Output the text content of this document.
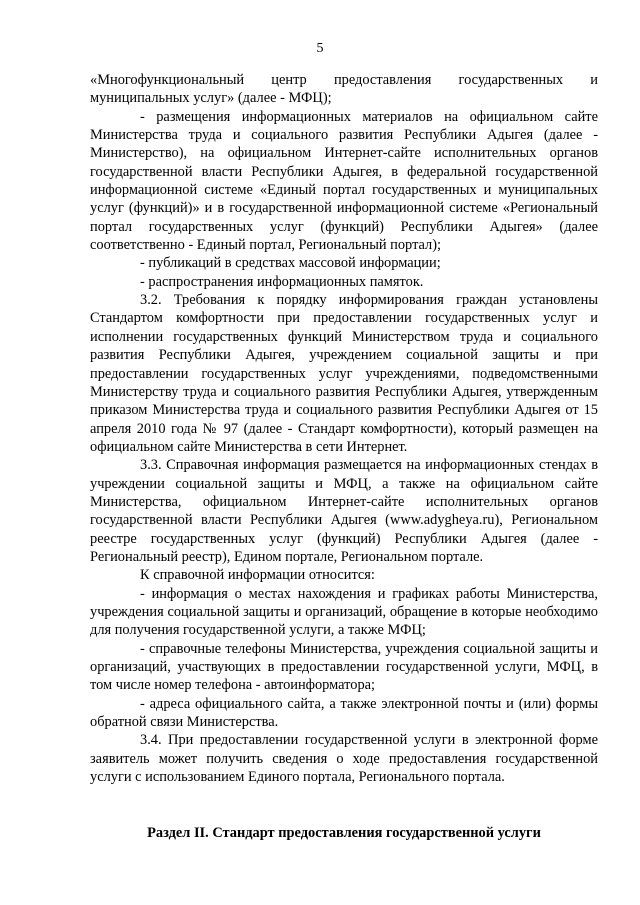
5

«Многофункциональный центр предоставления государственных и муниципальных услуг» (далее - МФЦ);

- размещения информационных материалов на официальном сайте Министерства труда и социального развития Республики Адыгея (далее - Министерство), на официальном Интернет-сайте исполнительных органов государственной власти Республики Адыгея, в федеральной государственной информационной системе «Единый портал государственных и муниципальных услуг (функций)» и в государственной информационной системе «Региональный портал государственных услуг (функций) Республики Адыгея» (далее соответственно - Единый портал, Региональный портал);

- публикаций в средствах массовой информации;

- распространения информационных памяток.

3.2. Требования к порядку информирования граждан установлены Стандартом комфортности при предоставлении государственных услуг и исполнении государственных функций Министерством труда и социального развития Республики Адыгея, учреждением социальной защиты и при предоставлении государственных услуг учреждениями, подведомственными Министерству труда и социального развития Республики Адыгея, утвержденным приказом Министерства труда и социального развития Республики Адыгея от 15 апреля 2010 года № 97 (далее - Стандарт комфортности), который размещен на официальном сайте Министерства в сети Интернет.

3.3. Справочная информация размещается на информационных стендах в учреждении социальной защиты и МФЦ, а также на официальном сайте Министерства, официальном Интернет-сайте исполнительных органов государственной власти Республики Адыгея (www.adygheya.ru), Региональном реестре государственных услуг (функций) Республики Адыгея (далее - Региональный реестр), Едином портале, Региональном портале.

К справочной информации относится:

- информация о местах нахождения и графиках работы Министерства, учреждения социальной защиты и организаций, обращение в которые необходимо для получения государственной услуги, а также МФЦ;

- справочные телефоны Министерства, учреждения социальной защиты и организаций, участвующих в предоставлении государственной услуги, МФЦ, в том числе номер телефона - автоинформатора;

- адреса официального сайта, а также электронной почты и (или) формы обратной связи Министерства.

3.4. При предоставлении государственной услуги в электронной форме заявитель может получить сведения о ходе предоставления государственной услуги с использованием Единого портала, Регионального портала.

Раздел II. Стандарт предоставления государственной услуги
